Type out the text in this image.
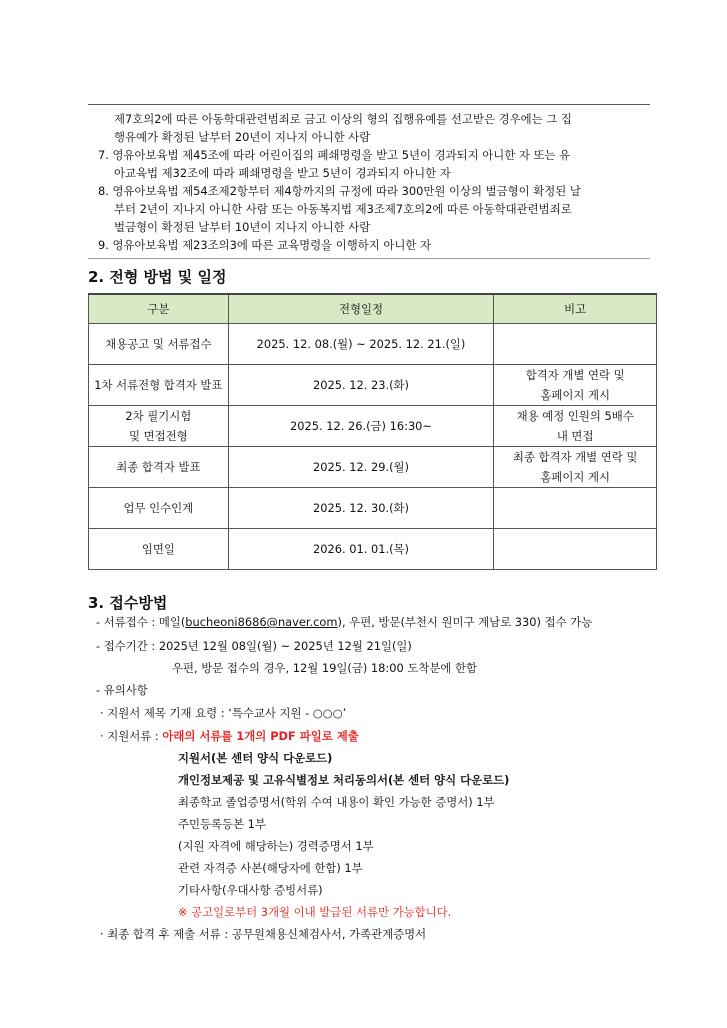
제7호의2에 따른 아동학대관련범죄로 금고 이상의 형의 집행유예를 선고받은 경우에는 그 집
행유예가 확정된 날부터 20년이 지나지 아니한 사람
7. 영유아보육법 제45조에 따라 어린이집의 폐쇄명령을 받고 5년이 경과되지 아니한 자 또는 유
아교육법 제32조에 따라 폐쇄명령을 받고 5년이 경과되지 아니한 자
8. 영유아보육법 제54조제2항부터 제4항까지의 규정에 따라 300만원 이상의 벌금형이 확정된 날
부터 2년이 지나지 아니한 사람 또는 아동복지법 제3조제7호의2에 따른 아동학대관련범죄로
벌금형이 확정된 날부터 10년이 지나지 아니한 사람
9. 영유아보육법 제23조의3에 따른 교육명령을 이행하지 아니한 자
2. 전형 방법 및 일정
구분	전형일정	비고
채용공고 및 서류접수	2025. 12. 08.(월) ~ 2025. 12. 21.(일)	
1차 서류전형 합격자 발표	2025. 12. 23.(화)	합격자 개별 연락 및
홈페이지 게시
2차 필기시험
및 면접전형	2025. 12. 26.(금) 16:30~	채용 예정 인원의 5배수
내 면접
최종 합격자 발표	2025. 12. 29.(월)	최종 합격자 개별 연락 및
홈페이지 게시
업무 인수인계	2025. 12. 30.(화)	
임면일	2026. 01. 01.(목)	
3. 접수방법
- 서류접수 : 메일(bucheoni8686@naver.com), 우편, 방문(부천시 원미구 계남로 330) 접수 가능
- 접수기간 : 2025년 12월 08일(월) ~ 2025년 12월 21일(일)
우편, 방문 접수의 경우, 12월 19일(금) 18:00 도착분에 한함
- 유의사항
· 지원서 제목 기재 요령 : ‘특수교사 지원 - ○○○’
· 지원서류 : 아래의 서류를 1개의 PDF 파일로 제출
지원서(본 센터 양식 다운로드)
개인정보제공 및 고유식별정보 처리동의서(본 센터 양식 다운로드)
최종학교 졸업증명서(학위 수여 내용이 확인 가능한 증명서) 1부
주민등록등본 1부
(지원 자격에 해당하는) 경력증명서 1부
관련 자격증 사본(해당자에 한함) 1부
기타사항(우대사항 증빙서류)
※ 공고일로부터 3개월 이내 발급된 서류만 가능합니다.
· 최종 합격 후 제출 서류 : 공무원채용신체검사서, 가족관계증명서
